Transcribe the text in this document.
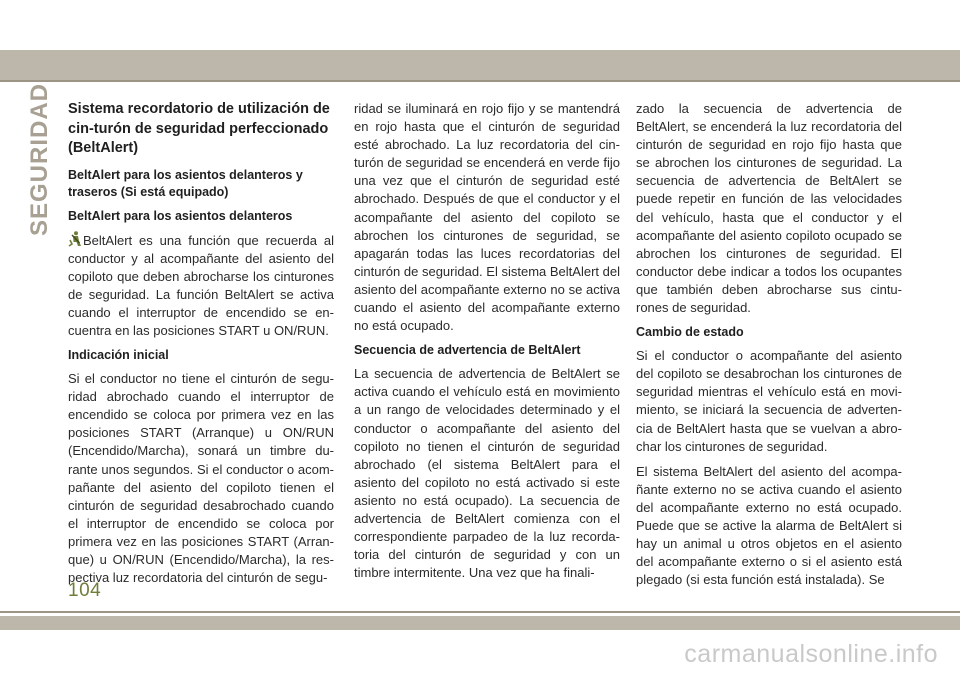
SEGURIDAD Sistema recordatorio de utilización de cin-turón de seguridad perfeccionado (BeltAlert)
BeltAlert para los asientos delanteros y traseros (Si está equipado)
BeltAlert para los asientos delanteros

BeltAlert es una función que recuerda al conductor y al acompañante del asiento del copiloto que deben abrocharse los cinturones de seguridad. La función BeltAlert se activa cuando el interruptor de encendido se en-cuentra en las posiciones START u ON/RUN.

Indicación inicial

Si el conductor no tiene el cinturón de segu-ridad abrochado cuando el interruptor de encendido se coloca por primera vez en las posiciones START (Arranque) u ON/RUN (Encendido/Marcha), sonará un timbre du-rante unos segundos. Si el conductor o acom-pañante del asiento del copiloto tienen el cinturón de seguridad desabrochado cuando el interruptor de encendido se coloca por primera vez en las posiciones START (Arran-que) u ON/RUN (Encendido/Marcha), la res-pectiva luz recordatoria del cinturón de segu-

ridad se iluminará en rojo fijo y se mantendrá en rojo hasta que el cinturón de seguridad esté abrochado. La luz recordatoria del cin-turón de seguridad se encenderá en verde fijo una vez que el cinturón de seguridad esté abrochado. Después de que el conductor y el acompañante del asiento del copiloto se abrochen los cinturones de seguridad, se apagarán todas las luces recordatorias del cinturón de seguridad. El sistema BeltAlert del asiento del acompañante externo no se activa cuando el asiento del acompañante externo no está ocupado.

Secuencia de advertencia de BeltAlert

La secuencia de advertencia de BeltAlert se activa cuando el vehículo está en movimiento a un rango de velocidades determinado y el conductor o acompañante del asiento del copiloto no tienen el cinturón de seguridad abrochado (el sistema BeltAlert para el asiento del copiloto no está activado si este asiento no está ocupado). La secuencia de advertencia de BeltAlert comienza con el correspondiente parpadeo de la luz recorda-toria del cinturón de seguridad y con un timbre intermitente. Una vez que ha finali-

zado la secuencia de advertencia de BeltAlert, se encenderá la luz recordatoria del cinturón de seguridad en rojo fijo hasta que se abrochen los cinturones de seguridad. La secuencia de advertencia de BeltAlert se puede repetir en función de las velocidades del vehículo, hasta que el conductor y el acompañante del asiento copiloto ocupado se abrochen los cinturones de seguridad. El conductor debe indicar a todos los ocupantes que también deben abrocharse sus cintu-rones de seguridad.

Cambio de estado

Si el conductor o acompañante del asiento del copiloto se desabrochan los cinturones de seguridad mientras el vehículo está en movi-miento, se iniciará la secuencia de adverten-cia de BeltAlert hasta que se vuelvan a abro-char los cinturones de seguridad.

El sistema BeltAlert del asiento del acompa-ñante externo no se activa cuando el asiento del acompañante externo no está ocupado. Puede que se active la alarma de BeltAlert si hay un animal u otros objetos en el asiento del acompañante externo o si el asiento está plegado (si esta función está instalada). Se

104
carmanualsonline.info
